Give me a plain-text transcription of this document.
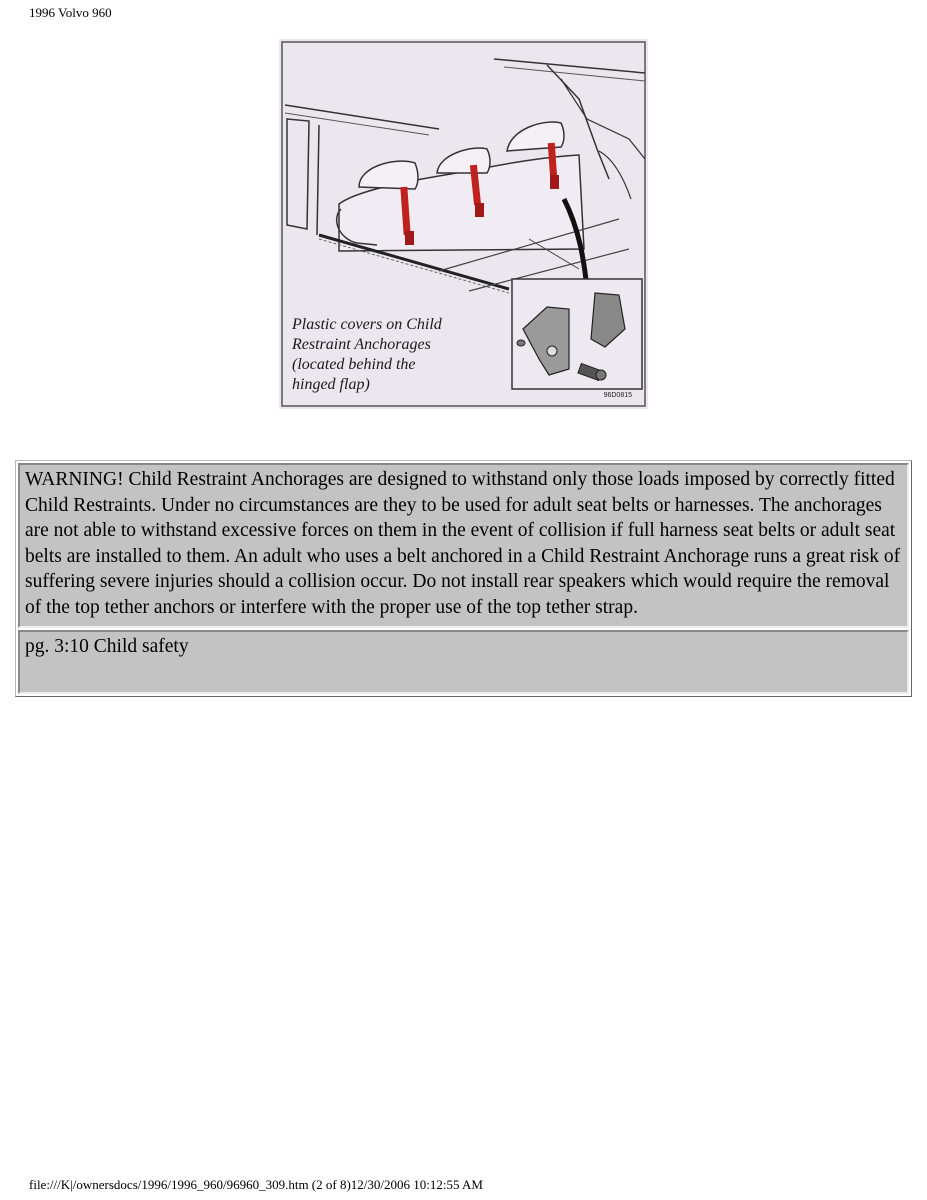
1996 Volvo 960
Plastic covers on Child
Restraint Anchorages
(located behind the
hinged flap)
96D0815
WARNING! Child Restraint Anchorages are designed to withstand only those loads imposed by correctly fitted Child Restraints. Under no circumstances are they to be used for adult seat belts or harnesses. The anchorages are not able to withstand excessive forces on them in the event of collision if full harness seat belts or adult seat belts are installed to them. An adult who uses a belt anchored in a Child Restraint Anchorage runs a great risk of suffering severe injuries should a collision occur. Do not install rear speakers which would require the removal of the top tether anchors or interfere with the proper use of the top tether strap.
pg. 3:10 Child safety
file:///K|/ownersdocs/1996/1996_960/96960_309.htm (2 of 8)12/30/2006 10:12:55 AM
